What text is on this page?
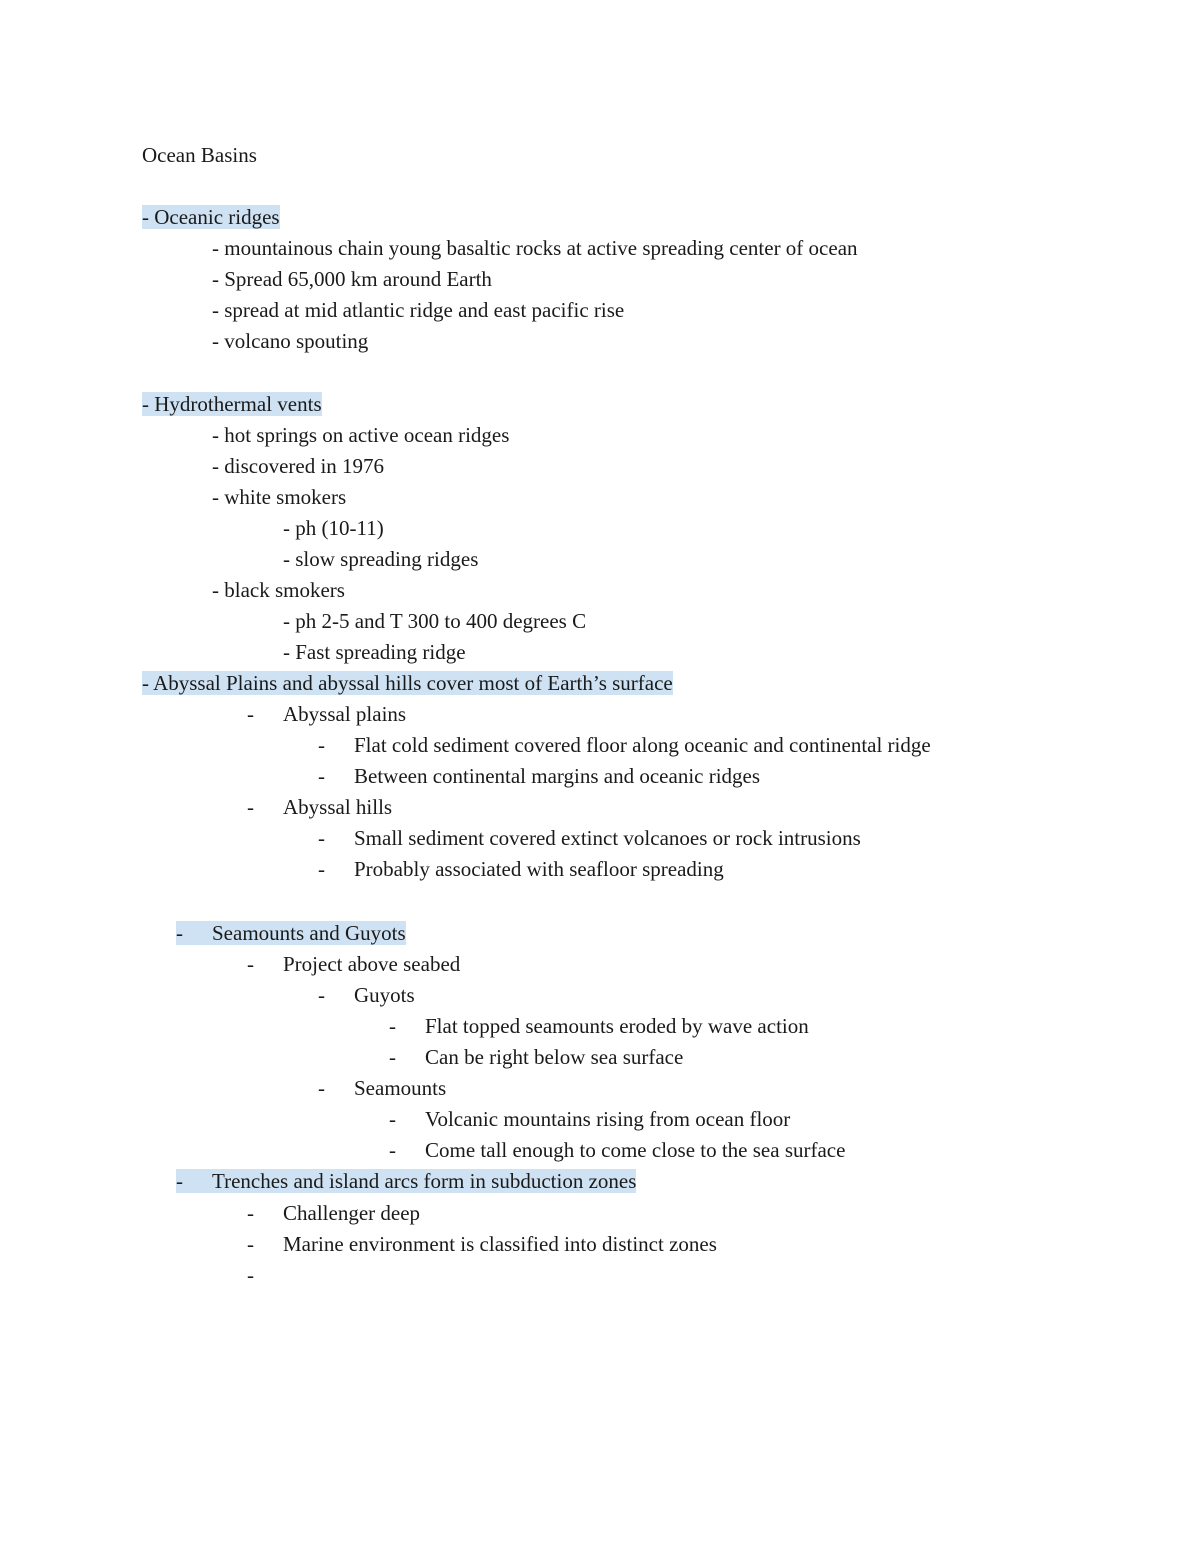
Ocean Basins
- Oceanic ridges
- mountainous chain young basaltic rocks at active spreading center of ocean
- Spread 65,000 km around Earth
- spread at mid atlantic ridge and east pacific rise
- volcano spouting
- Hydrothermal vents
- hot springs on active ocean ridges
- discovered in 1976
- white smokers
- ph (10-11)
- slow spreading ridges
- black smokers
- ph 2-5 and T 300 to 400 degrees C
- Fast spreading ridge
- Abyssal Plains and abyssal hills cover most of Earth’s surface
- Abyssal plains
- Flat cold sediment covered floor along oceanic and continental ridge
- Between continental margins and oceanic ridges
- Abyssal hills
- Small sediment covered extinct volcanoes or rock intrusions
- Probably associated with seafloor spreading
- Seamounts and Guyots
- Project above seabed
- Guyots
- Flat topped seamounts eroded by wave action
- Can be right below sea surface
- Seamounts
- Volcanic mountains rising from ocean floor
- Come tall enough to come close to the sea surface
- Trenches and island arcs form in subduction zones
- Challenger deep
- Marine environment is classified into distinct zones
-
